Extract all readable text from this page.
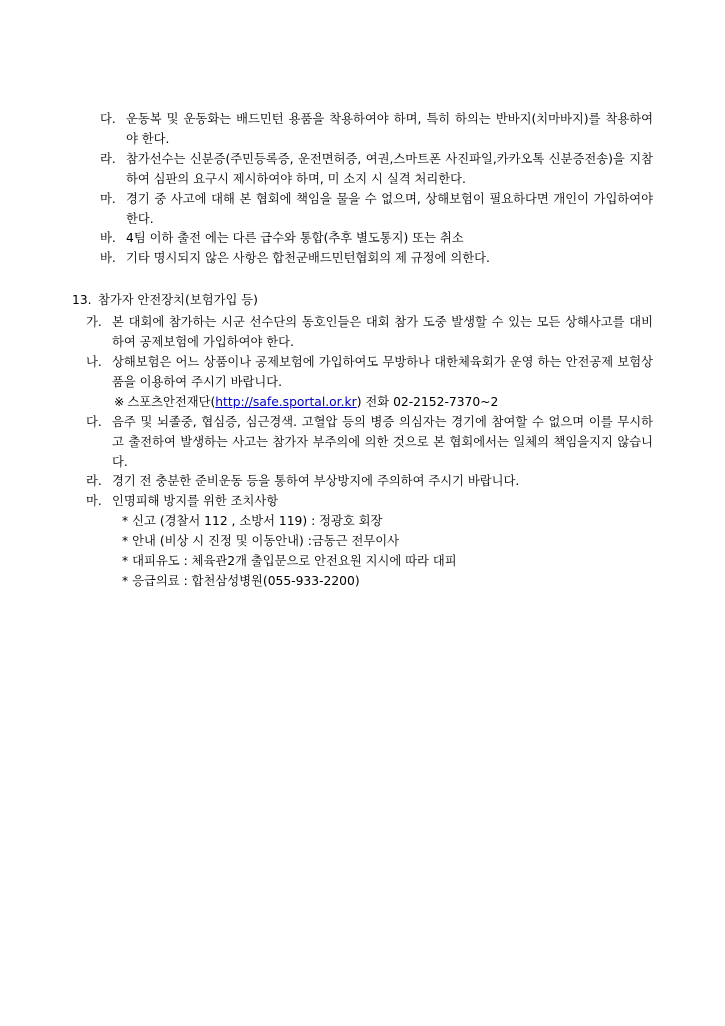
다. 운동복 및 운동화는 배드민턴 용품을 착용하여야 하며, 특히 하의는 반바지(치마바지)를 착용하여야 한다.
라. 참가선수는 신분증(주민등록증, 운전면허증, 여권,스마트폰 사진파일,카카오톡 신분증전송)을 지참하여 심판의 요구시 제시하여야 하며, 미 소지 시 실격 처리한다.
마. 경기 중 사고에 대해 본 협회에 책임을 물을 수 없으며, 상해보험이 필요하다면 개인이 가입하여야 한다.
바. 4팀 이하 출전 에는 다른 급수와 통합(추후 별도통지) 또는 취소
바. 기타 명시되지 않은 사항은 합천군배드민턴협회의 제 규정에 의한다.
13. 참가자 안전장치(보험가입 등)
가. 본 대회에 참가하는 시군 선수단의 동호인들은 대회 참가 도중 발생할 수 있는 모든 상해사고를 대비하여 공제보험에 가입하여야 한다.
나. 상해보험은 어느 상품이나 공제보험에 가입하여도 무방하나 대한체육회가 운영 하는 안전공제 보험상품을 이용하여 주시기 바랍니다.
※ 스포츠안전재단(http://safe.sportal.or.kr) 전화 02-2152-7370~2
다. 음주 및 뇌졸중, 협심증, 심근경색. 고혈압 등의 병증 의심자는 경기에 참여할 수 없으며 이를 무시하고 출전하여 발생하는 사고는 참가자 부주의에 의한 것으로 본 협회에서는 일체의 책임을지지 않습니다.
라. 경기 전 충분한 준비운동 등을 통하여 부상방지에 주의하여 주시기 바랍니다.
마. 인명피해 방지를 위한 조치사항
* 신고 (경찰서 112 , 소방서 119) : 정광호 회장
* 안내 (비상 시 진정 및 이동안내) :금동근 전무이사
* 대피유도 : 체육관2개 출입문으로 안전요원 지시에 따라 대피
* 응급의료 : 합천삼성병원(055-933-2200)
